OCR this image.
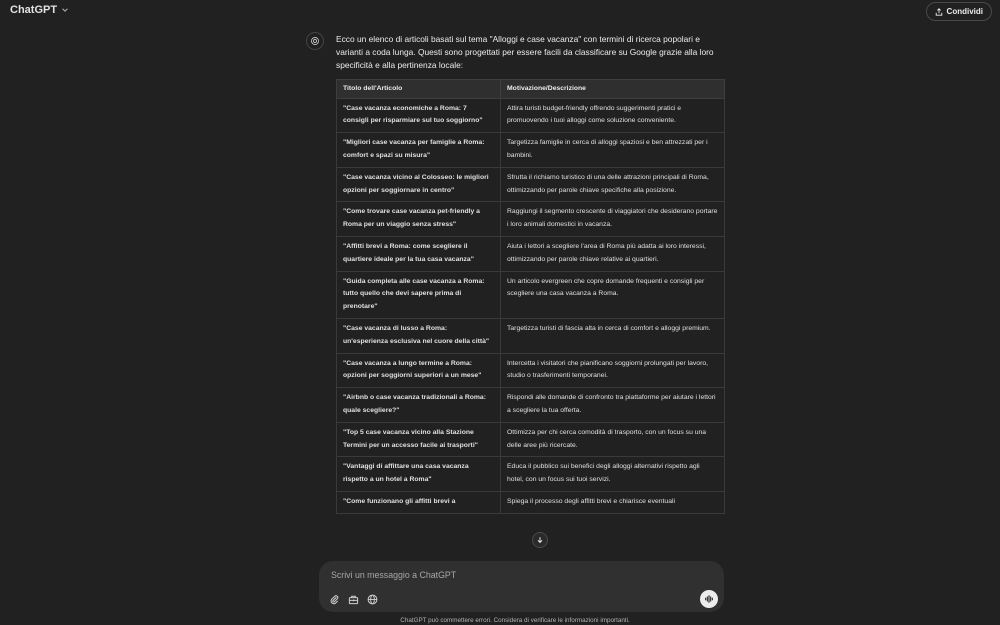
ChatGPT	Condividi

Ecco un elenco di articoli basati sul tema "Alloggi e case vacanza" con termini di ricerca popolari e varianti a coda lunga. Questi sono progettati per essere facili da classificare su Google grazie alla loro specificità e alla pertinenza locale:

Titolo dell'Articolo	Motivazione/Descrizione
"Case vacanza economiche a Roma: 7 consigli per risparmiare sul tuo soggiorno"	Attira turisti budget-friendly offrendo suggerimenti pratici e promuovendo i tuoi alloggi come soluzione conveniente.
"Migliori case vacanza per famiglie a Roma: comfort e spazi su misura"	Targetizza famiglie in cerca di alloggi spaziosi e ben attrezzati per i bambini.
"Case vacanza vicino al Colosseo: le migliori opzioni per soggiornare in centro"	Sfrutta il richiamo turistico di una delle attrazioni principali di Roma, ottimizzando per parole chiave specifiche alla posizione.
"Come trovare case vacanza pet-friendly a Roma per un viaggio senza stress"	Raggiungi il segmento crescente di viaggiatori che desiderano portare i loro animali domestici in vacanza.
"Affitti brevi a Roma: come scegliere il quartiere ideale per la tua casa vacanza"	Aiuta i lettori a scegliere l'area di Roma più adatta ai loro interessi, ottimizzando per parole chiave relative ai quartieri.
"Guida completa alle case vacanza a Roma: tutto quello che devi sapere prima di prenotare"	Un articolo evergreen che copre domande frequenti e consigli per scegliere una casa vacanza a Roma.
"Case vacanza di lusso a Roma: un'esperienza esclusiva nel cuore della città"	Targetizza turisti di fascia alta in cerca di comfort e alloggi premium.
"Case vacanza a lungo termine a Roma: opzioni per soggiorni superiori a un mese"	Intercetta i visitatori che pianificano soggiorni prolungati per lavoro, studio o trasferimenti temporanei.
"Airbnb o case vacanza tradizionali a Roma: quale scegliere?"	Rispondi alle domande di confronto tra piattaforme per aiutare i lettori a scegliere la tua offerta.
"Top 5 case vacanza vicino alla Stazione Termini per un accesso facile ai trasporti"	Ottimizza per chi cerca comodità di trasporto, con un focus su una delle aree più ricercate.
"Vantaggi di affittare una casa vacanza rispetto a un hotel a Roma"	Educa il pubblico sui benefici degli alloggi alternativi rispetto agli hotel, con un focus sui tuoi servizi.
"Come funzionano gli affitti brevi a	Spiega il processo degli affitti brevi e chiarisce eventuali
Scrivi un messaggio a ChatGPT
ChatGPT può commettere errori. Considera di verificare le informazioni importanti.
